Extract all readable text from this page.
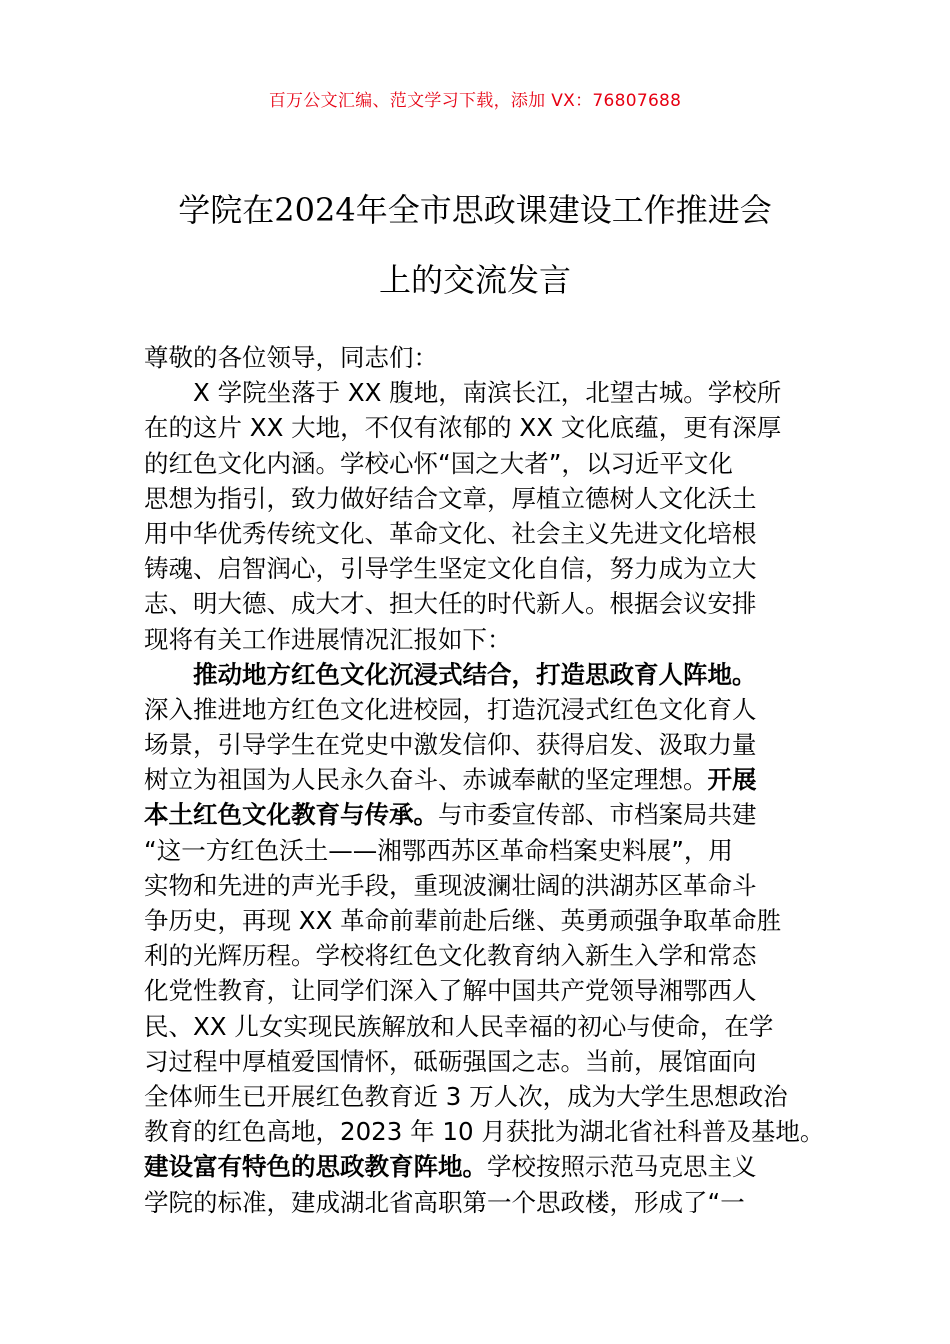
百万公文汇编、范文学习下载，添加 VX：76807688
学院在2024年全市思政课建设工作推进会
上的交流发言
尊敬的各位领导，同志们：
X 学院坐落于 XX 腹地，南滨长江，北望古城。学校所
在的这片 XX 大地，不仅有浓郁的 XX 文化底蕴，更有深厚
的红色文化内涵。学校心怀“国之大者”，以习近平文化
思想为指引，致力做好结合文章，厚植立德树人文化沃土
用中华优秀传统文化、革命文化、社会主义先进文化培根
铸魂、启智润心，引导学生坚定文化自信，努力成为立大
志、明大德、成大才、担大任的时代新人。根据会议安排
现将有关工作进展情况汇报如下：
推动地方红色文化沉浸式结合，打造思政育人阵地。
深入推进地方红色文化进校园，打造沉浸式红色文化育人
场景，引导学生在党史中激发信仰、获得启发、汲取力量
树立为祖国为人民永久奋斗、赤诚奉献的坚定理想。开展
本土红色文化教育与传承。与市委宣传部、市档案局共建
“这一方红色沃土——湘鄂西苏区革命档案史料展”，用
实物和先进的声光手段，重现波澜壮阔的洪湖苏区革命斗
争历史，再现 XX 革命前辈前赴后继、英勇顽强争取革命胜
利的光辉历程。学校将红色文化教育纳入新生入学和常态
化党性教育，让同学们深入了解中国共产党领导湘鄂西人
民、XX 儿女实现民族解放和人民幸福的初心与使命，在学
习过程中厚植爱国情怀，砥砺强国之志。当前，展馆面向
全体师生已开展红色教育近 3 万人次，成为大学生思想政治
教育的红色高地，2023 年 10 月获批为湖北省社科普及基地。
建设富有特色的思政教育阵地。学校按照示范马克思主义
学院的标准，建成湖北省高职第一个思政楼，形成了“一
